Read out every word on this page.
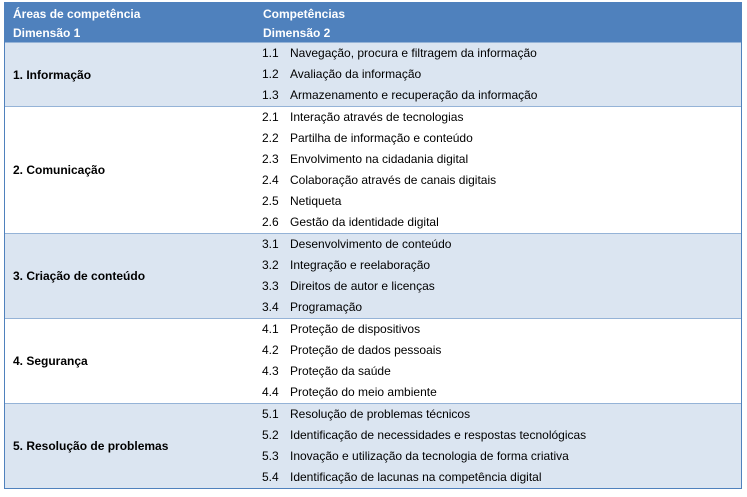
Áreas de competência	Competências
Dimensão 1	Dimensão 2
1. Informação
1.1 Navegação, procura e filtragem da informação
1.2 Avaliação da informação
1.3 Armazenamento e recuperação da informação
2. Comunicação
2.1 Interação através de tecnologias
2.2 Partilha de informação e conteúdo
2.3 Envolvimento na cidadania digital
2.4 Colaboração através de canais digitais
2.5 Netiqueta
2.6 Gestão da identidade digital
3. Criação de conteúdo
3.1 Desenvolvimento de conteúdo
3.2 Integração e reelaboração
3.3 Direitos de autor e licenças
3.4 Programação
4. Segurança
4.1 Proteção de dispositivos
4.2 Proteção de dados pessoais
4.3 Proteção da saúde
4.4 Proteção do meio ambiente
5. Resolução de problemas
5.1 Resolução de problemas técnicos
5.2 Identificação de necessidades e respostas tecnológicas
5.3 Inovação e utilização da tecnologia de forma criativa
5.4 Identificação de lacunas na competência digital
